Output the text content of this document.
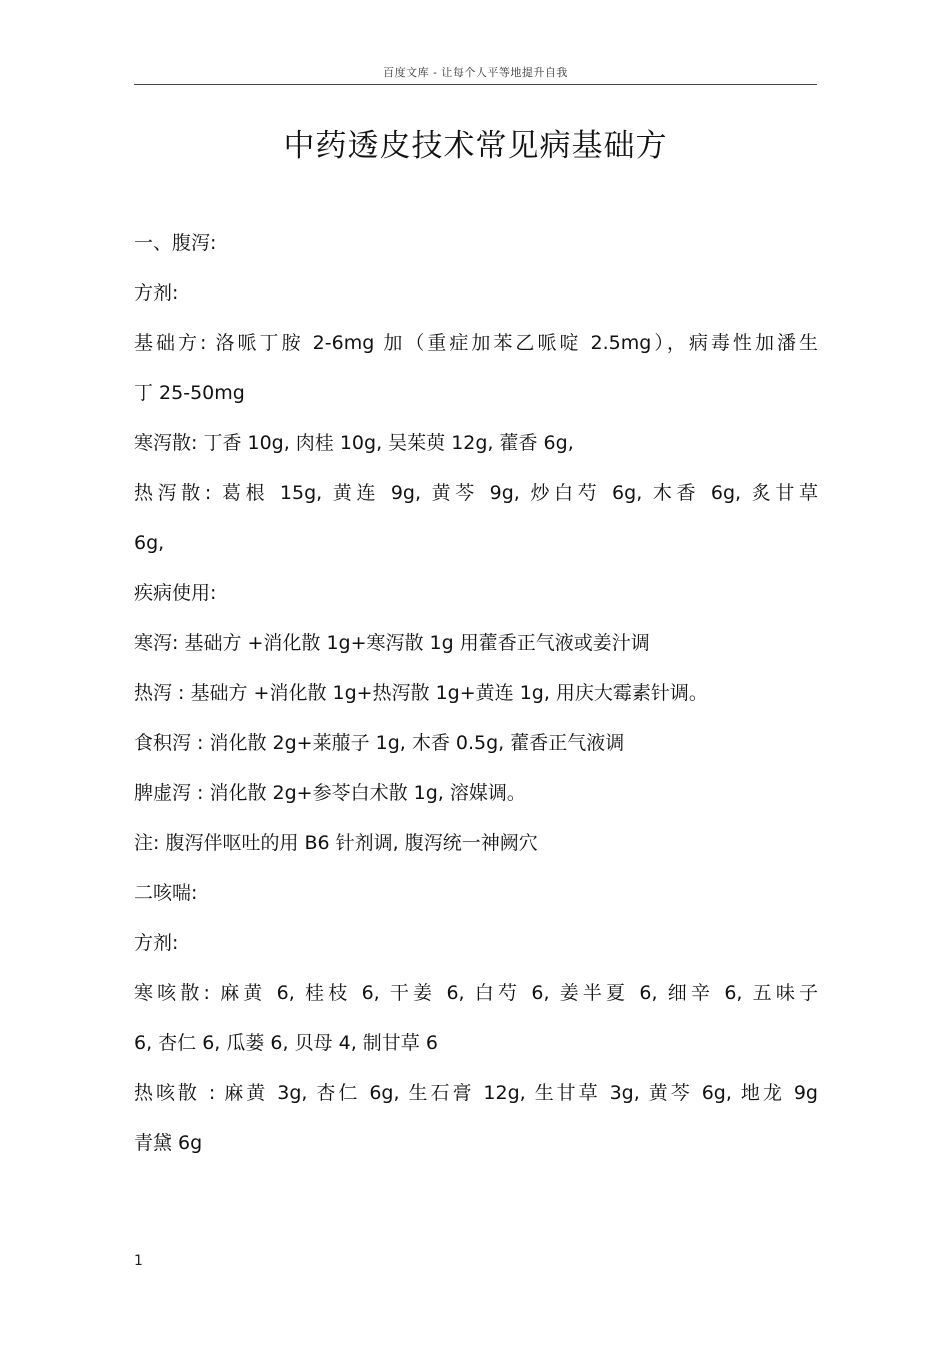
百度文库 - 让每个人平等地提升自我
中药透皮技术常见病基础方
一、腹泻:
方剂:
基础方: 洛哌丁胺 2-6mg 加（重症加苯乙哌啶 2.5mg），病毒性加潘生
丁 25-50mg
寒泻散: 丁香 10g, 肉桂 10g, 吴茱萸 12g, 藿香 6g,
热泻散: 葛根 15g, 黄连 9g, 黄芩 9g, 炒白芍 6g, 木香 6g, 炙甘草
6g,
疾病使用:
寒泻: 基础方 +消化散 1g+寒泻散 1g 用藿香正气液或姜汁调
热泻 : 基础方 +消化散 1g+热泻散 1g+黄连 1g, 用庆大霉素针调。
食积泻 : 消化散 2g+莱菔子 1g, 木香 0.5g, 藿香正气液调
脾虚泻 : 消化散 2g+参苓白术散 1g, 溶媒调。
注: 腹泻伴呕吐的用 B6 针剂调, 腹泻统一神阙穴
二咳喘:
方剂:
寒咳散: 麻黄 6, 桂枝 6, 干姜 6, 白芍 6, 姜半夏 6, 细辛 6, 五味子
6, 杏仁 6, 瓜蒌 6, 贝母 4, 制甘草 6
热咳散 : 麻黄 3g, 杏仁 6g, 生石膏 12g, 生甘草 3g, 黄芩 6g, 地龙 9g
青黛 6g
1
